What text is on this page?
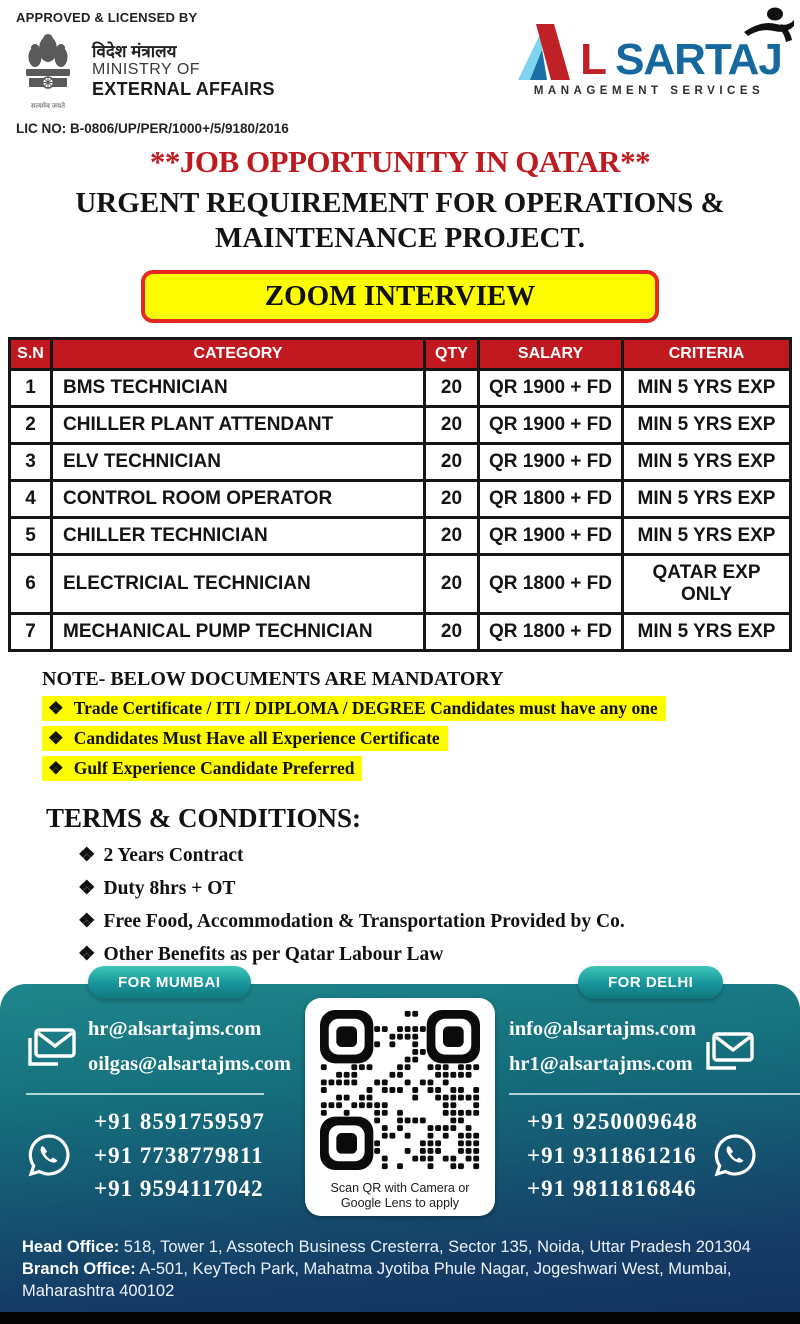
APPROVED & LICENSED BY
सत्यमेव जयते
विदेश मंत्रालय
MINISTRY OF
EXTERNAL AFFAIRS
LIC NO: B-0806/UP/PER/1000+/5/9180/2016
L SARTAJ
MANAGEMENT SERVICES
**JOB OPPORTUNITY IN QATAR**
URGENT REQUIREMENT FOR OPERATIONS & MAINTENANCE PROJECT.
ZOOM INTERVIEW
S.N	CATEGORY	QTY	SALARY	CRITERIA
1	BMS TECHNICIAN	20	QR 1900 + FD	MIN 5 YRS EXP
2	CHILLER PLANT ATTENDANT	20	QR 1900 + FD	MIN 5 YRS EXP
3	ELV TECHNICIAN	20	QR 1900 + FD	MIN 5 YRS EXP
4	CONTROL ROOM OPERATOR	20	QR 1800 + FD	MIN 5 YRS EXP
5	CHILLER TECHNICIAN	20	QR 1900 + FD	MIN 5 YRS EXP
6	ELECTRICIAL TECHNICIAN	20	QR 1800 + FD	QATAR EXP ONLY
7	MECHANICAL PUMP TECHNICIAN	20	QR 1800 + FD	MIN 5 YRS EXP
NOTE- BELOW DOCUMENTS ARE MANDATORY
❖ Trade Certificate / ITI / DIPLOMA / DEGREE Candidates must have any one
❖ Candidates Must Have all Experience Certificate
❖ Gulf Experience Candidate Preferred
TERMS & CONDITIONS:
❖ 2 Years Contract
❖ Duty 8hrs + OT
❖ Free Food, Accommodation & Transportation Provided by Co.
❖ Other Benefits as per Qatar Labour Law
FOR MUMBAI	FOR DELHI
hr@alsartajms.com
oilgas@alsartajms.com
+91 8591759597
+91 7738779811
+91 9594117042	Scan QR with Camera or
Google Lens to apply
info@alsartajms.com
hr1@alsartajms.com
+91 9250009648
+91 9311861216
+91 9811816846
Head Office: 518, Tower 1, Assotech Business Cresterra, Sector 135, Noida, Uttar Pradesh 201304
Branch Office: A-501, KeyTech Park, Mahatma Jyotiba Phule Nagar, Jogeshwari West, Mumbai, Maharashtra 400102
